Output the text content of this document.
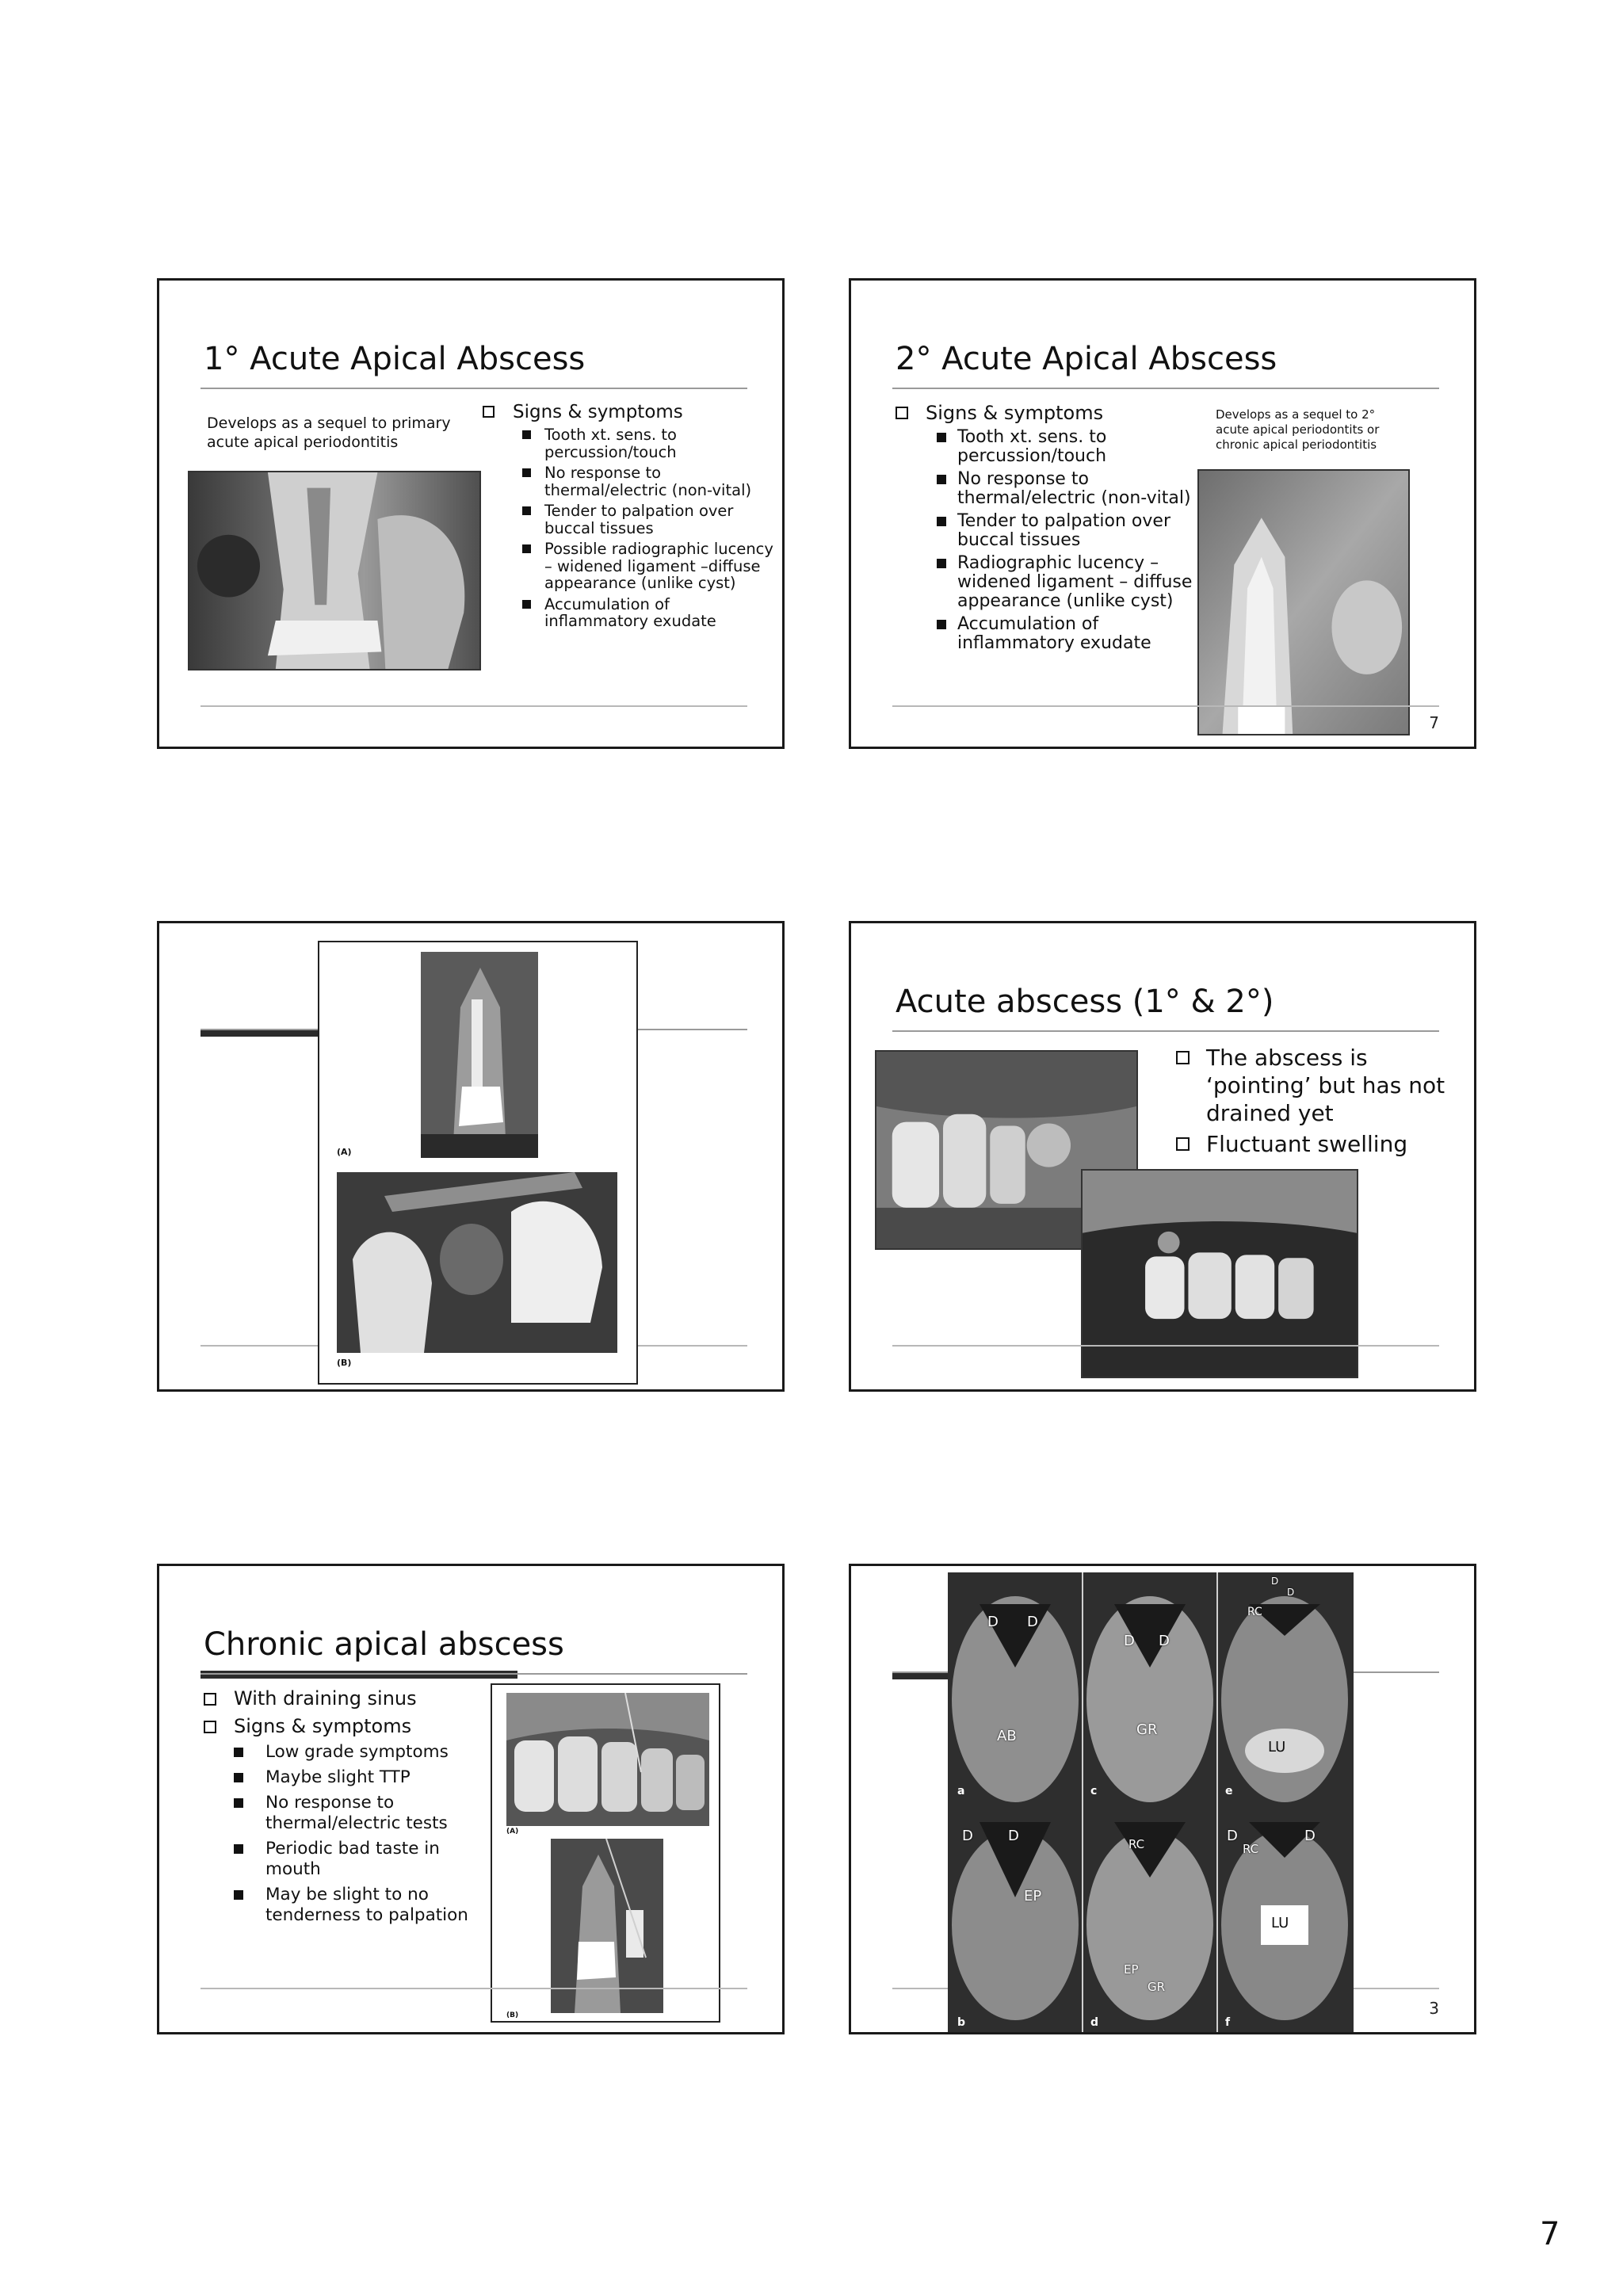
1° Acute Apical Abscess
Develops as a sequel to primary acute apical periodontitis
Signs & symptoms
Tooth xt. sens. to percussion/touch
No response to thermal/electric (non-vital)
Tender to palpation over buccal tissues
Possible radiographic lucency – widened ligament –diffuse appearance (unlike cyst)
Accumulation of inflammatory exudate
2° Acute Apical Abscess
Develops as a sequel to 2° acute apical periodontits or chronic apical periodontitis
Signs & symptoms
Tooth xt. sens. to percussion/touch
No response to thermal/electric (non-vital)
Tender to palpation over buccal tissues
Radiographic lucency – widened ligament – diffuse appearance (unlike cyst)
Accumulation of inflammatory exudate
7
(A)
(B)
Acute abscess (1° & 2°)
The abscess is ‘pointing’ but has not drained yet
Fluctuant swelling
Chronic apical abscess
With draining sinus
Signs & symptoms
Low grade symptoms
Maybe slight TTP
No response to thermal/electric tests
Periodic bad taste in mouth
May be slight to no tenderness to palpation
(A)
(B)	3
D D
AB
D D
GR
D
D
RC
LU
D D
EP
RC
EP
GR
D	D
RC
LU
a	c	e
b	d	f
7
